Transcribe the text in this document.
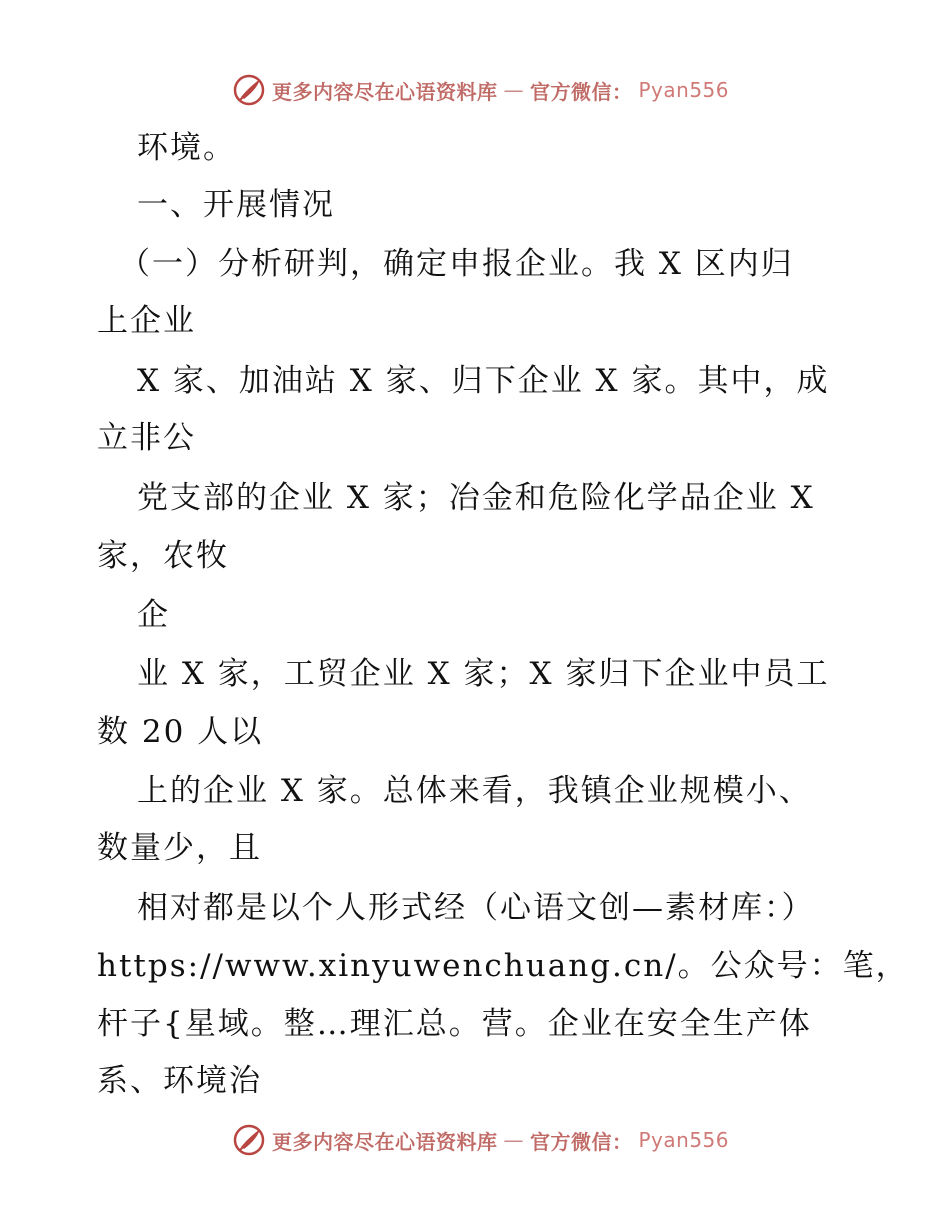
更多内容尽在心语资料库 — 官方微信： Pyan556
环境。
一、开展情况
（一）分析研判，确定申报企业。我 X 区内归
上企业
X 家、加油站 X 家、归下企业 X 家。其中，成
立非公
党支部的企业 X 家；冶金和危险化学品企业 X
家，农牧
企
业 X 家，工贸企业 X 家；X 家归下企业中员工
数 20 人以
上的企业 X 家。总体来看，我镇企业规模小、
数量少，且
相对都是以个人形式经（心语文创—素材库：）
https://www.xinyuwenchuang.cn/。公众号：笔，
杆子{星域。整…理汇总。营。企业在安全生产体
系、环境治
更多内容尽在心语资料库 — 官方微信： Pyan556
